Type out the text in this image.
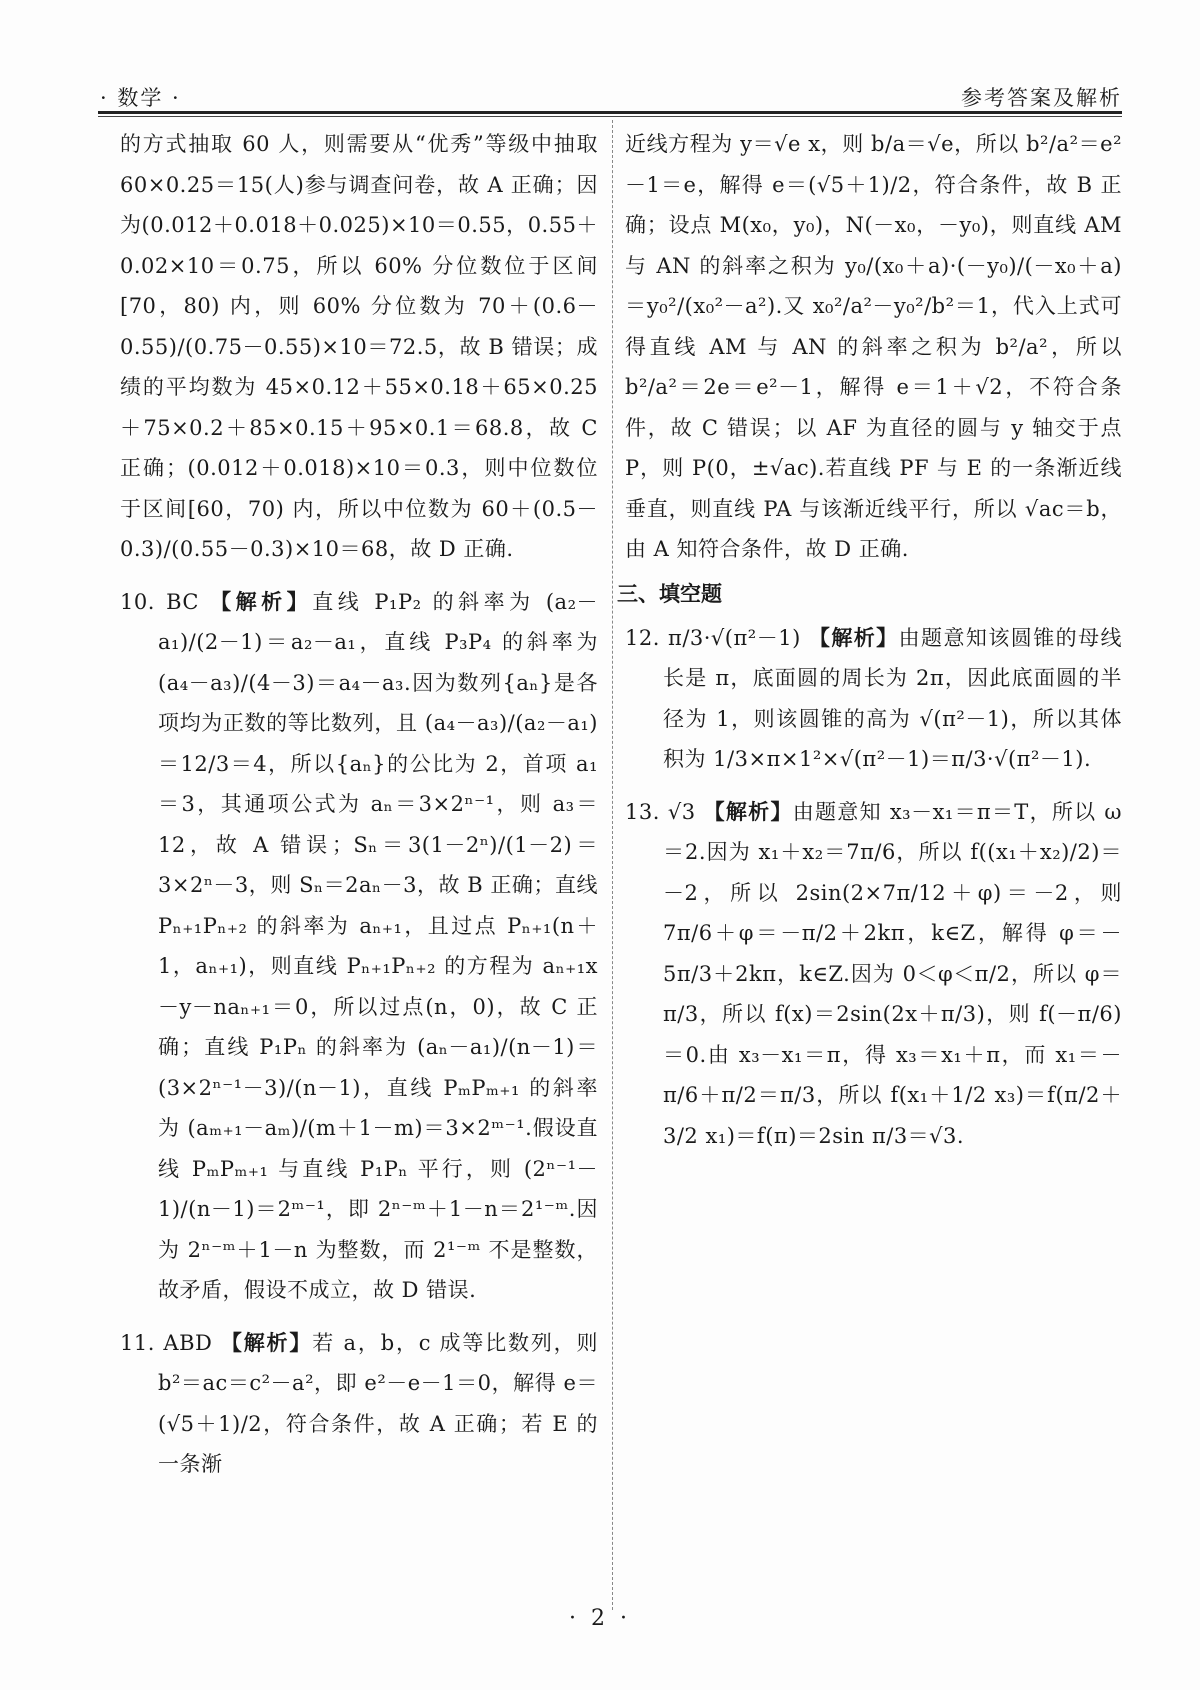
· 数学 ·	参考答案及解析

的方式抽取 60 人，则需要从“优秀”等级中抽取 60×0.25＝15(人)参与调查问卷，故 A 正确；因为(0.012＋0.018＋0.025)×10＝0.55，0.55＋0.02×10＝0.75，所以 60% 分位数位于区间[70，80) 内，则 60% 分位数为 70＋(0.6－0.55)/(0.75－0.55)×10＝72.5，故 B 错误；成绩的平均数为 45×0.12＋55×0.18＋65×0.25＋75×0.2＋85×0.15＋95×0.1＝68.8，故 C 正确；(0.012＋0.018)×10＝0.3，则中位数位于区间[60，70) 内，所以中位数为 60＋(0.5－0.3)/(0.55－0.3)×10＝68，故 D 正确.

10. BC 【解析】直线 P₁P₂ 的斜率为 (a₂－a₁)/(2－1)＝a₂－a₁，直线 P₃P₄ 的斜率为 (a₄－a₃)/(4－3)＝a₄－a₃.因为数列{aₙ}是各项均为正数的等比数列，且 (a₄－a₃)/(a₂－a₁)＝12/3＝4，所以{aₙ}的公比为 2，首项 a₁＝3，其通项公式为 aₙ＝3×2ⁿ⁻¹，则 a₃＝12，故 A 错误；Sₙ＝3(1－2ⁿ)/(1－2)＝3×2ⁿ－3，则 Sₙ＝2aₙ－3，故 B 正确；直线 Pₙ₊₁Pₙ₊₂ 的斜率为 aₙ₊₁，且过点 Pₙ₊₁(n＋1，aₙ₊₁)，则直线 Pₙ₊₁Pₙ₊₂ 的方程为 aₙ₊₁x－y－naₙ₊₁＝0，所以过点(n，0)，故 C 正确；直线 P₁Pₙ 的斜率为 (aₙ－a₁)/(n－1)＝(3×2ⁿ⁻¹－3)/(n－1)，直线 PₘPₘ₊₁ 的斜率为 (aₘ₊₁－aₘ)/(m＋1－m)＝3×2ᵐ⁻¹.假设直线 PₘPₘ₊₁ 与直线 P₁Pₙ 平行，则 (2ⁿ⁻¹－1)/(n－1)＝2ᵐ⁻¹，即 2ⁿ⁻ᵐ＋1－n＝2¹⁻ᵐ.因为 2ⁿ⁻ᵐ＋1－n 为整数，而 2¹⁻ᵐ 不是整数，故矛盾，假设不成立，故 D 错误.

11. ABD 【解析】若 a，b，c 成等比数列，则 b²＝ac＝c²－a²，即 e²－e－1＝0，解得 e＝(√5＋1)/2，符合条件，故 A 正确；若 E 的一条渐

近线方程为 y＝√e x，则 b/a＝√e，所以 b²/a²＝e²－1＝e，解得 e＝(√5＋1)/2，符合条件，故 B 正确；设点 M(x₀，y₀)，N(－x₀，－y₀)，则直线 AM 与 AN 的斜率之积为 y₀/(x₀＋a)·(－y₀)/(－x₀＋a)＝y₀²/(x₀²－a²).又 x₀²/a²－y₀²/b²＝1，代入上式可得直线 AM 与 AN 的斜率之积为 b²/a²，所以 b²/a²＝2e＝e²－1，解得 e＝1＋√2，不符合条件，故 C 错误；以 AF 为直径的圆与 y 轴交于点 P，则 P(0，±√ac).若直线 PF 与 E 的一条渐近线垂直，则直线 PA 与该渐近线平行，所以 √ac＝b，由 A 知符合条件，故 D 正确.

三、填空题

12. π/3·√(π²－1) 【解析】由题意知该圆锥的母线长是 π，底面圆的周长为 2π，因此底面圆的半径为 1，则该圆锥的高为 √(π²－1)，所以其体积为 1/3×π×1²×√(π²－1)＝π/3·√(π²－1).

13. √3 【解析】由题意知 x₃－x₁＝π＝T，所以 ω＝2.因为 x₁＋x₂＝7π/6，所以 f((x₁＋x₂)/2)＝－2，所以 2sin(2×7π/12＋φ)＝－2，则 7π/6＋φ＝－π/2＋2kπ，k∈Z，解得 φ＝－5π/3＋2kπ，k∈Z.因为 0＜φ＜π/2，所以 φ＝π/3，所以 f(x)＝2sin(2x＋π/3)，则 f(－π/6)＝0.由 x₃－x₁＝π，得 x₃＝x₁＋π，而 x₁＝－π/6＋π/2＝π/3，所以 f(x₁＋1/2 x₃)＝f(π/2＋3/2 x₁)＝f(π)＝2sin π/3＝√3.

· 2 ·
